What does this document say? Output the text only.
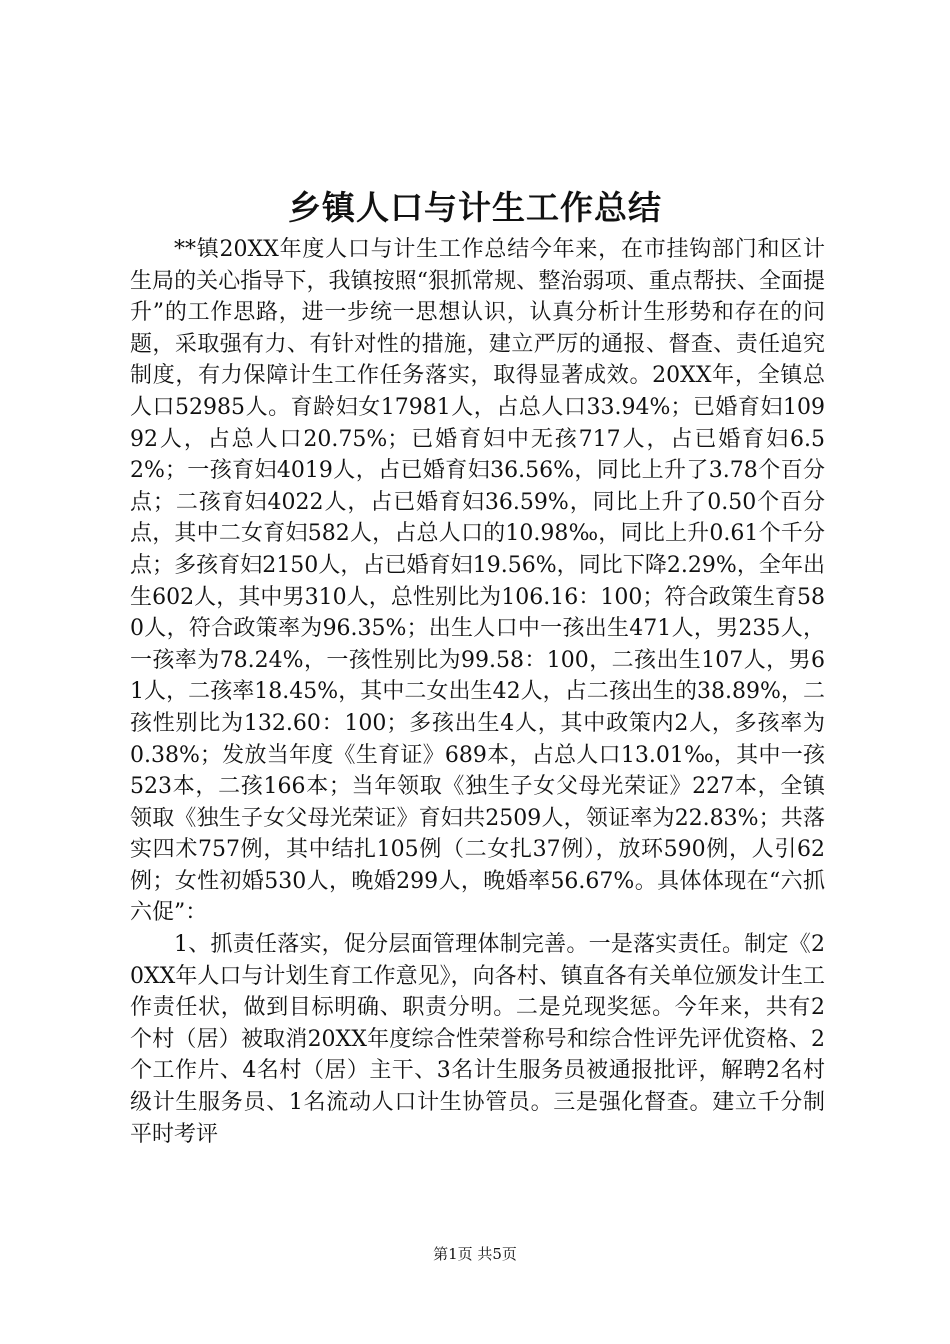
乡镇人口与计生工作总结

**镇20XX年度人口与计生工作总结今年来，在市挂钩部门和区计生局的关心指导下，我镇按照“狠抓常规、整治弱项、重点帮扶、全面提升”的工作思路，进一步统一思想认识，认真分析计生形势和存在的问题，采取强有力、有针对性的措施，建立严厉的通报、督查、责任追究制度，有力保障计生工作任务落实，取得显著成效。20XX年，全镇总人口52985人。育龄妇女17981人，占总人口33.94%；已婚育妇10992人，占总人口20.75%；已婚育妇中无孩717人，占已婚育妇6.52%；一孩育妇4019人，占已婚育妇36.56%，同比上升了3.78个百分点；二孩育妇4022人，占已婚育妇36.59%，同比上升了0.50个百分点，其中二女育妇582人，占总人口的10.98‰，同比上升0.61个千分点；多孩育妇2150人，占已婚育妇19.56%，同比下降2.29%，全年出生602人，其中男310人，总性别比为106.16：100；符合政策生育580人，符合政策率为96.35%；出生人口中一孩出生471人，男235人，一孩率为78.24%，一孩性别比为99.58：100，二孩出生107人，男61人，二孩率18.45%，其中二女出生42人，占二孩出生的38.89%，二孩性别比为132.60：100；多孩出生4人，其中政策内2人，多孩率为0.38%；发放当年度《生育证》689本，占总人口13.01‰，其中一孩523本，二孩166本；当年领取《独生子女父母光荣证》227本，全镇领取《独生子女父母光荣证》育妇共2509人，领证率为22.83%；共落实四术757例，其中结扎105例（二女扎37例），放环590例，人引62例；女性初婚530人，晚婚299人，晚婚率56.67%。具体体现在“六抓六促”：

1、抓责任落实，促分层面管理体制完善。一是落实责任。制定《20XX年人口与计划生育工作意见》，向各村、镇直各有关单位颁发计生工作责任状，做到目标明确、职责分明。二是兑现奖惩。今年来，共有2个村（居）被取消20XX年度综合性荣誉称号和综合性评先评优资格、2个工作片、4名村（居）主干、3名计生服务员被通报批评，解聘2名村级计生服务员、1名流动人口计生协管员。三是强化督查。建立千分制平时考评

第1页 共5页
